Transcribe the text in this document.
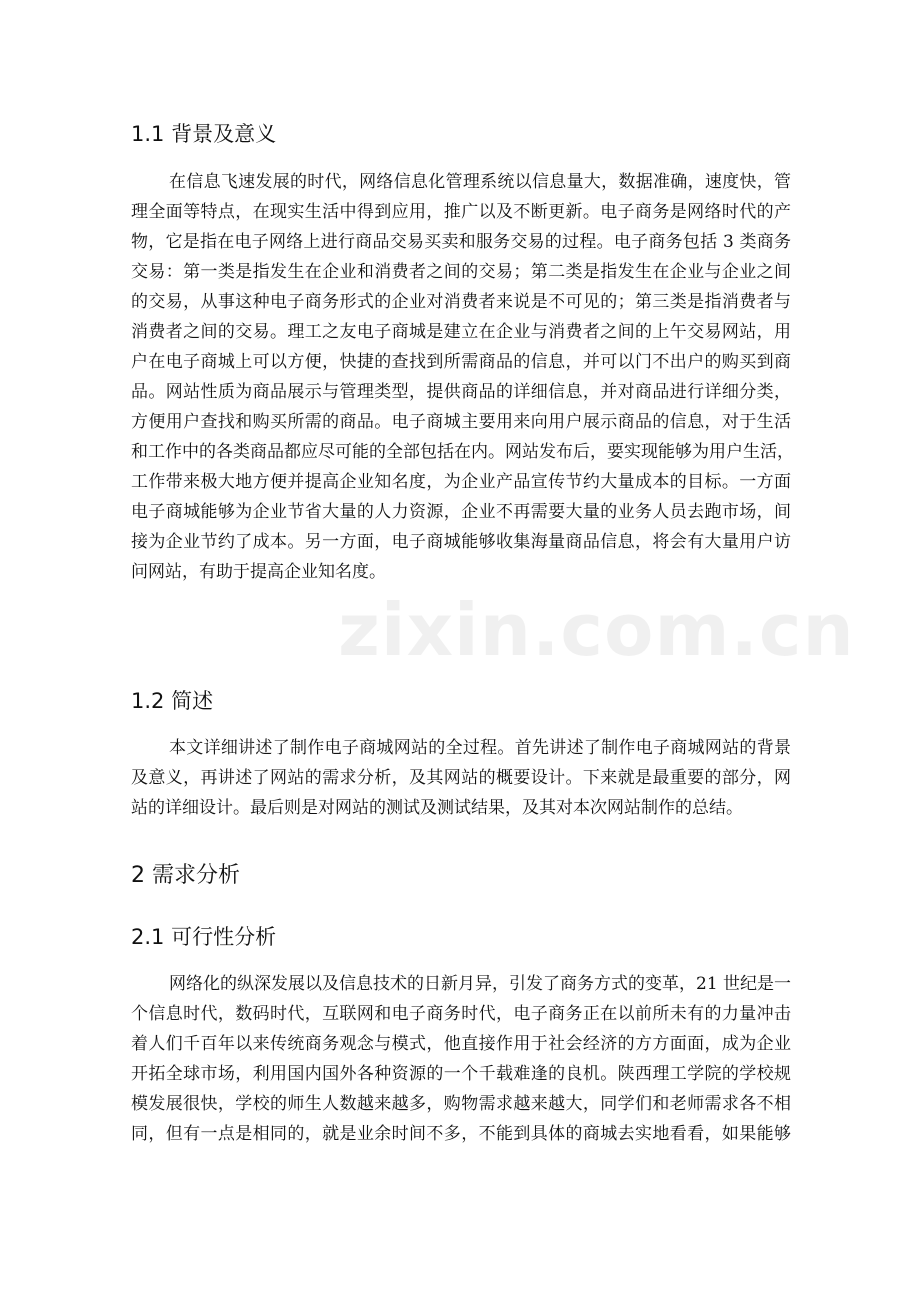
zixin.com.cn
1.1 背景及意义
在信息飞速发展的时代，网络信息化管理系统以信息量大，数据准确，速度快，管
理全面等特点，在现实生活中得到应用，推广以及不断更新。电子商务是网络时代的产
物，它是指在电子网络上进行商品交易买卖和服务交易的过程。电子商务包括 3 类商务
交易：第一类是指发生在企业和消费者之间的交易；第二类是指发生在企业与企业之间
的交易，从事这种电子商务形式的企业对消费者来说是不可见的；第三类是指消费者与
消费者之间的交易。理工之友电子商城是建立在企业与消费者之间的上午交易网站，用
户在电子商城上可以方便，快捷的查找到所需商品的信息，并可以门不出户的购买到商
品。网站性质为商品展示与管理类型，提供商品的详细信息，并对商品进行详细分类，
方便用户查找和购买所需的商品。电子商城主要用来向用户展示商品的信息，对于生活
和工作中的各类商品都应尽可能的全部包括在内。网站发布后，要实现能够为用户生活，
工作带来极大地方便并提高企业知名度，为企业产品宣传节约大量成本的目标。一方面
电子商城能够为企业节省大量的人力资源，企业不再需要大量的业务人员去跑市场，间
接为企业节约了成本。另一方面，电子商城能够收集海量商品信息，将会有大量用户访
问网站，有助于提高企业知名度。
1.2 简述
本文详细讲述了制作电子商城网站的全过程。首先讲述了制作电子商城网站的背景
及意义，再讲述了网站的需求分析，及其网站的概要设计。下来就是最重要的部分，网
站的详细设计。最后则是对网站的测试及测试结果，及其对本次网站制作的总结。
2 需求分析
2.1 可行性分析
网络化的纵深发展以及信息技术的日新月异，引发了商务方式的变革，21 世纪是一
个信息时代，数码时代，互联网和电子商务时代，电子商务正在以前所未有的力量冲击
着人们千百年以来传统商务观念与模式，他直接作用于社会经济的方方面面，成为企业
开拓全球市场，利用国内国外各种资源的一个千载难逢的良机。陕西理工学院的学校规
模发展很快，学校的师生人数越来越多，购物需求越来越大，同学们和老师需求各不相
同，但有一点是相同的，就是业余时间不多，不能到具体的商城去实地看看，如果能够
